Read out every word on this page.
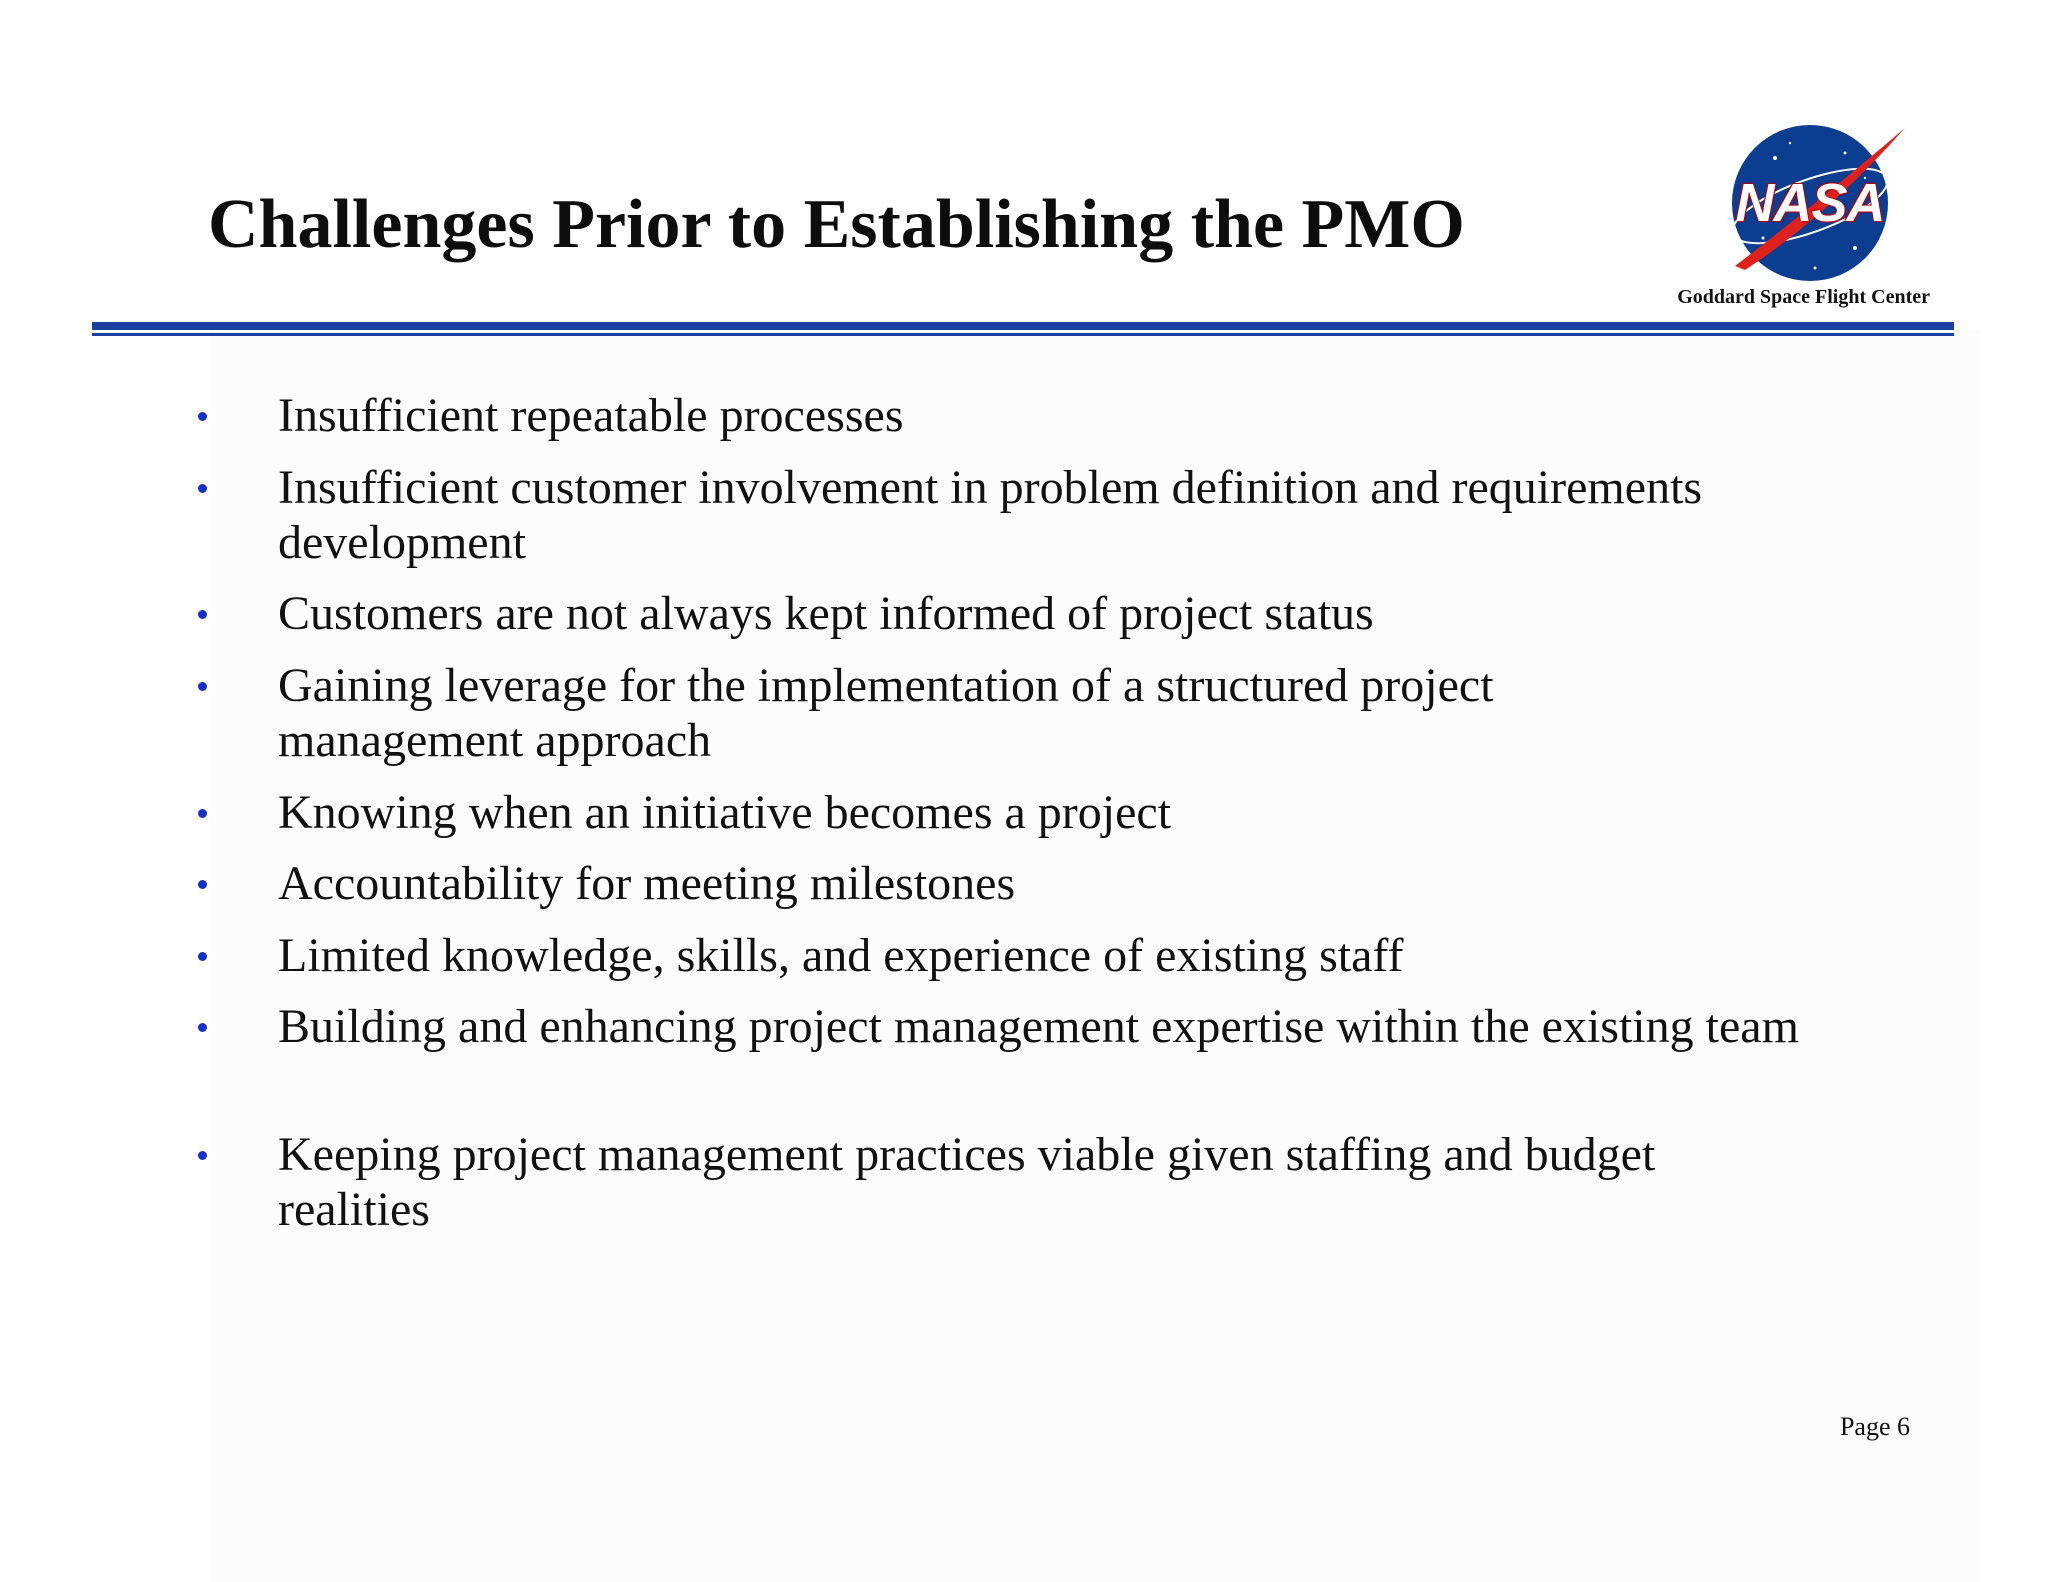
Challenges Prior to Establishing the PMO	NASA
Goddard Space Flight Center
Insufficient repeatable processes
Insufficient customer involvement in problem definition and requirements development
Customers are not always kept informed of project status
Gaining leverage for the implementation of a structured project management approach
Knowing when an initiative becomes a project
Accountability for meeting milestones
Limited knowledge, skills, and experience of existing staff
Building and enhancing project management expertise within the existing team
Keeping project management practices viable given staffing and budget realities
Page 6
